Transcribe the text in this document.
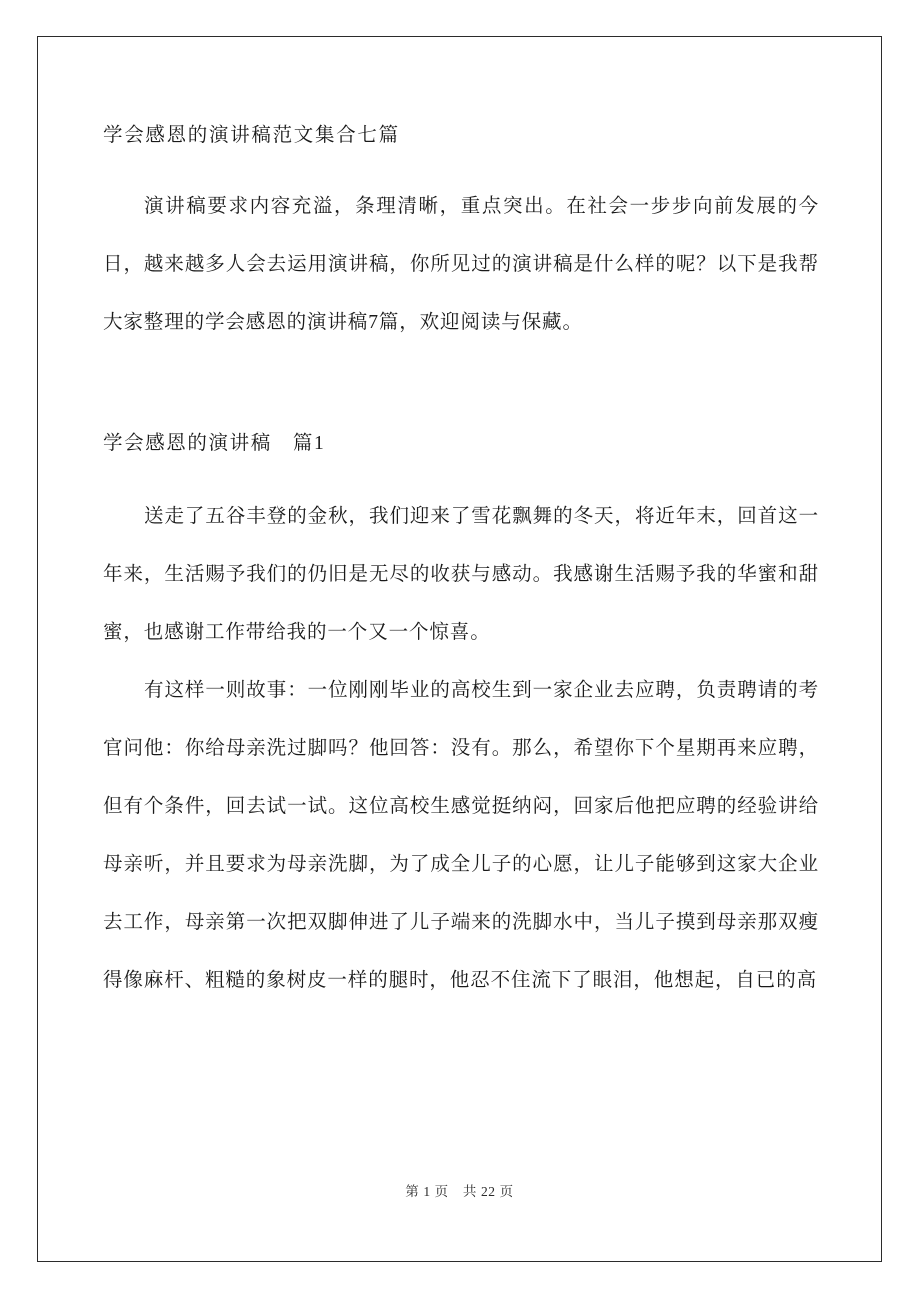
学会感恩的演讲稿范文集合七篇
演讲稿要求内容充溢，条理清晰，重点突出。在社会一步步向前发展的今日，越来越多人会去运用演讲稿，你所见过的演讲稿是什么样的呢？以下是我帮大家整理的学会感恩的演讲稿7篇，欢迎阅读与保藏。
学会感恩的演讲稿　篇1
送走了五谷丰登的金秋，我们迎来了雪花飘舞的冬天，将近年末，回首这一年来，生活赐予我们的仍旧是无尽的收获与感动。我感谢生活赐予我的华蜜和甜蜜，也感谢工作带给我的一个又一个惊喜。
有这样一则故事：一位刚刚毕业的高校生到一家企业去应聘，负责聘请的考官问他：你给母亲洗过脚吗？他回答：没有。那么，希望你下个星期再来应聘，但有个条件，回去试一试。这位高校生感觉挺纳闷，回家后他把应聘的经验讲给母亲听，并且要求为母亲洗脚，为了成全儿子的心愿，让儿子能够到这家大企业去工作，母亲第一次把双脚伸进了儿子端来的洗脚水中，当儿子摸到母亲那双瘦得像麻杆、粗糙的象树皮一样的腿时，他忍不住流下了眼泪，他想起，自已的高
第 1 页　共 22 页
